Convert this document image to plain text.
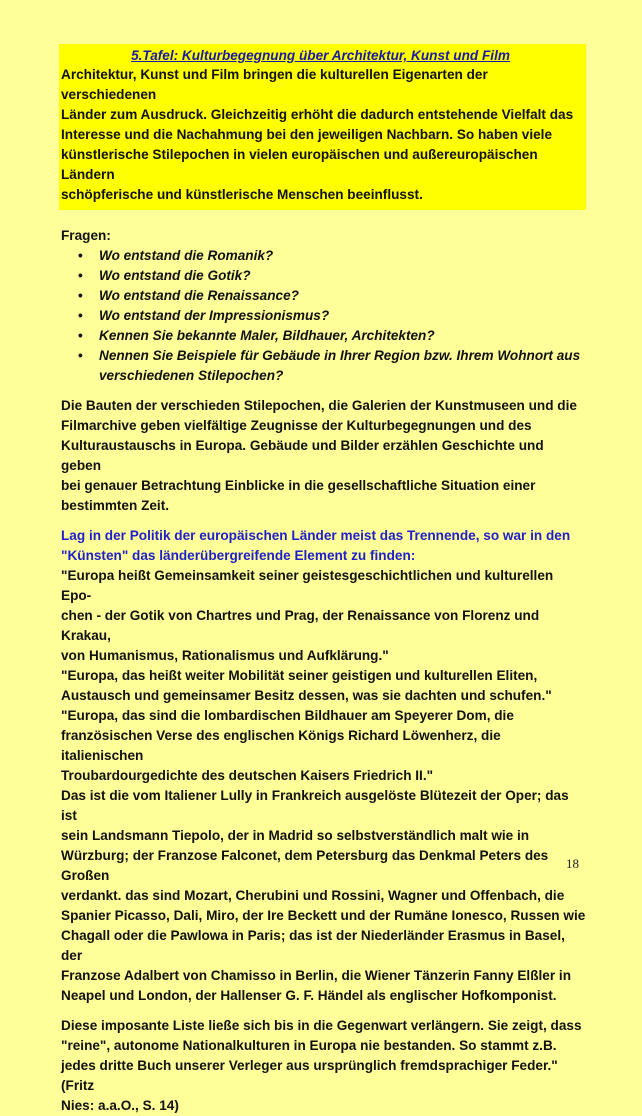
5.Tafel: Kulturbegegnung über Architektur, Kunst und Film
Architektur, Kunst und Film bringen die kulturellen Eigenarten der verschiedenen
Länder zum Ausdruck. Gleichzeitig erhöht die dadurch entstehende Vielfalt das
Interesse und die Nachahmung bei den jeweiligen Nachbarn. So haben viele
künstlerische Stilepochen in vielen europäischen und außereuropäischen Ländern
schöpferische und künstlerische Menschen beeinflusst.
Fragen:
• Wo entstand die Romanik?
• Wo entstand die Gotik?
• Wo entstand die Renaissance?
• Wo entstand der Impressionismus?
• Kennen Sie bekannte Maler, Bildhauer, Architekten?
• Nennen Sie Beispiele für Gebäude in Ihrer Region bzw. Ihrem Wohnort aus
verschiedenen Stilepochen?
Die Bauten der verschieden Stilepochen, die Galerien der Kunstmuseen und die
Filmarchive geben vielfältige Zeugnisse der Kulturbegegnungen und des
Kulturaustauschs in Europa. Gebäude und Bilder erzählen Geschichte und geben
bei genauer Betrachtung Einblicke in die gesellschaftliche Situation einer
bestimmten Zeit.
Lag in der Politik der europäischen Länder meist das Trennende, so war in den
"Künsten" das länderübergreifende Element zu finden:
"Europa heißt Gemeinsamkeit seiner geistesgeschichtlichen und kulturellen Epo-
chen - der Gotik von Chartres und Prag, der Renaissance von Florenz und Krakau,
von Humanismus, Rationalismus und Aufklärung."
"Europa, das heißt weiter Mobilität seiner geistigen und kulturellen Eliten,
Austausch und gemeinsamer Besitz dessen, was sie dachten und schufen."
"Europa, das sind die lombardischen Bildhauer am Speyerer Dom, die
französischen Verse des englischen Königs Richard Löwenherz, die italienischen
Troubardourgedichte des deutschen Kaisers Friedrich II."
Das ist die vom Italiener Lully in Frankreich ausgelöste Blütezeit der Oper; das ist
sein Landsmann Tiepolo, der in Madrid so selbstverständlich malt wie in
Würzburg; der Franzose Falconet, dem Petersburg das Denkmal Peters des Großen
verdankt. das sind Mozart, Cherubini und Rossini, Wagner und Offenbach, die
Spanier Picasso, Dali, Miro, der Ire Beckett und der Rumäne Ionesco, Russen wie
Chagall oder die Pawlowa in Paris; das ist der Niederländer Erasmus in Basel, der
Franzose Adalbert von Chamisso in Berlin, die Wiener Tänzerin Fanny Elßler in
Neapel und London, der Hallenser G. F. Händel als englischer Hofkomponist.
Diese imposante Liste ließe sich bis in die Gegenwart verlängern. Sie zeigt, dass
"reine", autonome Nationalkulturen in Europa nie bestanden. So stammt z.B.
jedes dritte Buch unserer Verleger aus ursprünglich fremdsprachiger Feder." (Fritz
Nies: a.a.O., S. 14)
18
